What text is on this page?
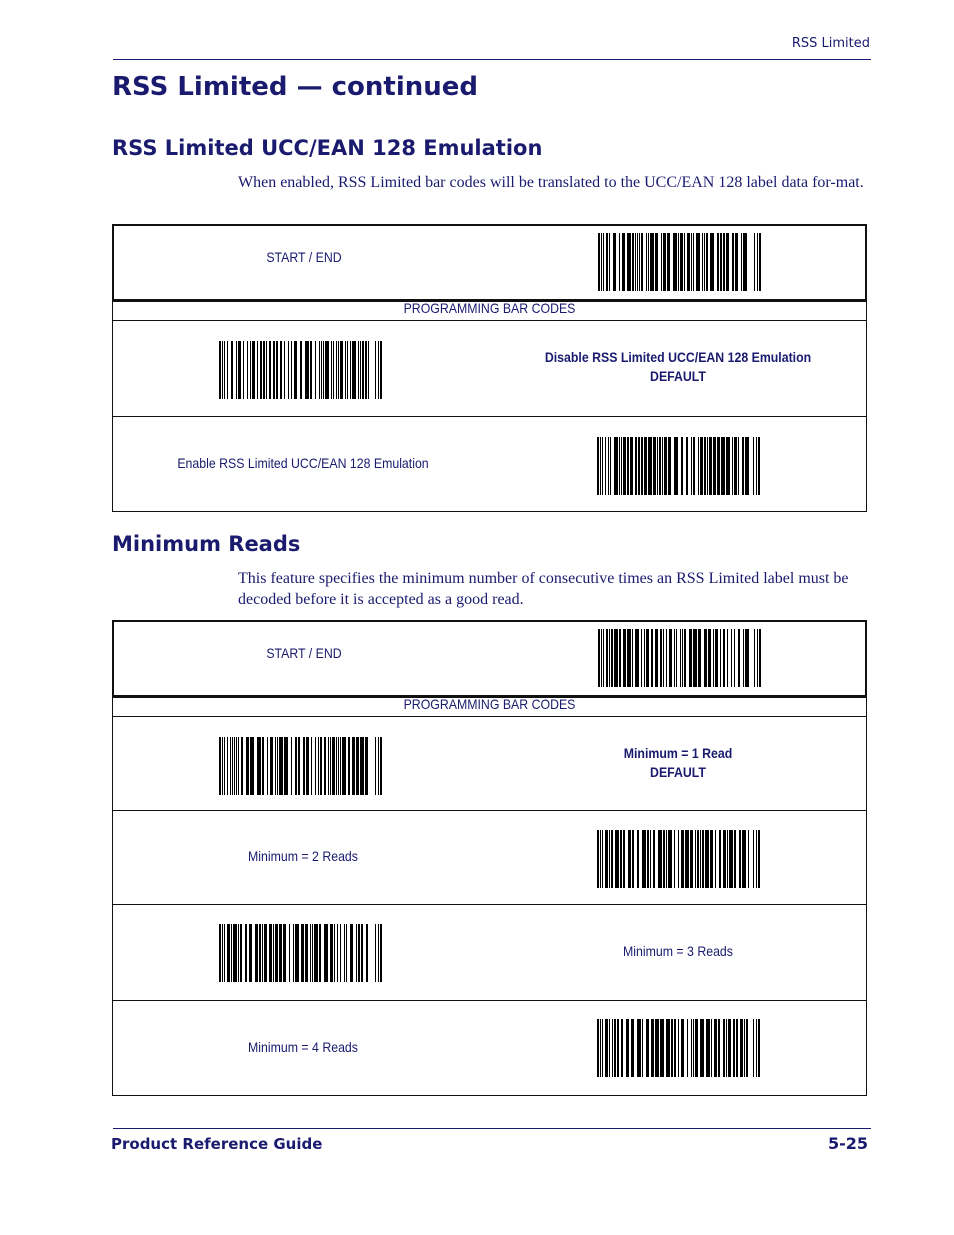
RSS Limited
RSS Limited — continued
RSS Limited UCC/EAN 128 Emulation
When enabled, RSS Limited bar codes will be translated to the UCC/EAN 128 label data for-mat.
START / END
PROGRAMMING BAR CODES
Disable RSS Limited UCC/EAN 128 Emulation
DEFAULT
Enable RSS Limited UCC/EAN 128 Emulation
Minimum Reads
This feature specifies the minimum number of consecutive times an RSS Limited label must be decoded before it is accepted as a good read.
START / END
PROGRAMMING BAR CODES
Minimum = 1 Read
DEFAULT
Minimum = 2 Reads
Minimum = 3 Reads
Minimum = 4 Reads
Product Reference Guide	5-25
